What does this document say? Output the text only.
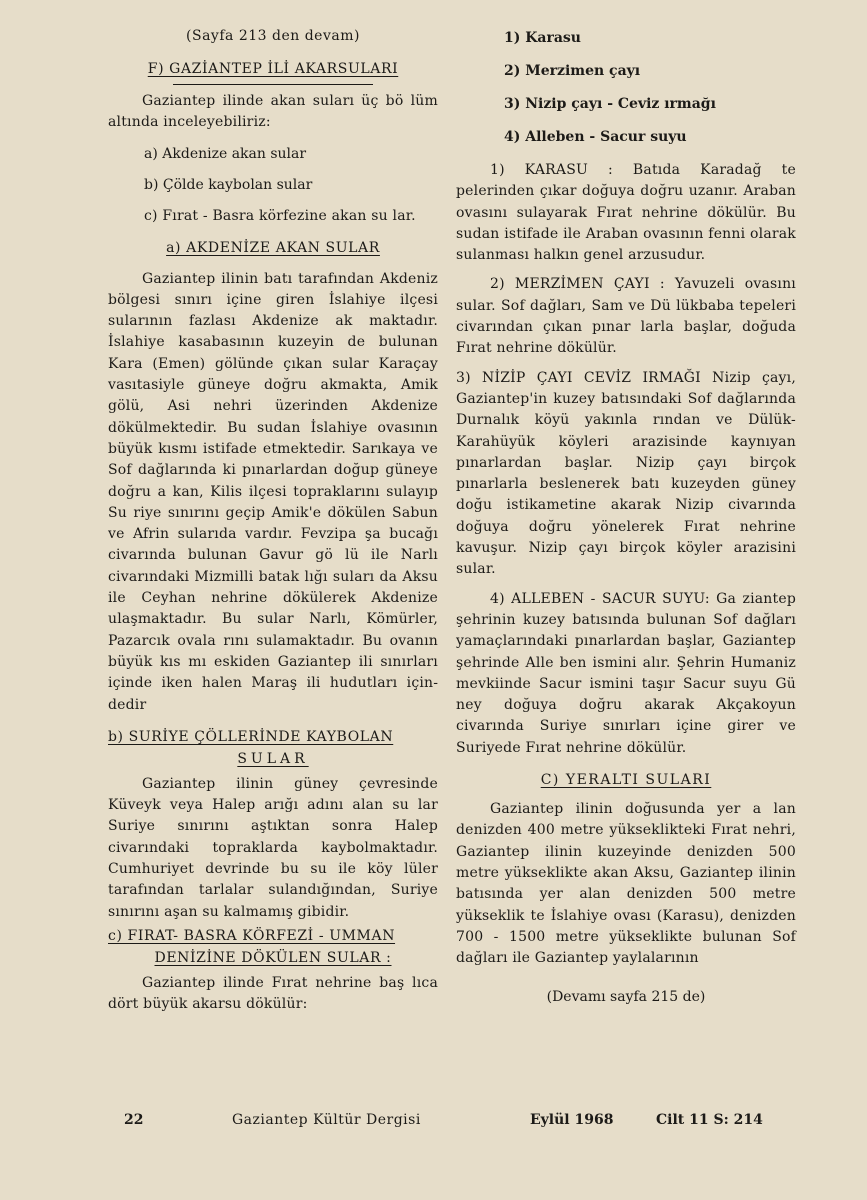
(Sayfa 213 den devam)
F) GAZİANTEP İLİ AKARSULARI

Gaziantep ilinde akan suları üç bö lüm altında inceleyebiliriz:

a) Akdenize akan sular
b) Çölde kaybolan sular

c) Fırat - Basra körfezine akan su lar.

a) AKDENİZE AKAN SULAR

Gaziantep ilinin batı tarafından Akdeniz bölgesi sınırı içine giren İslahiye ilçesi sularının fazlası Akdenize ak maktadır. İslahiye kasabasının kuzeyin de bulunan Kara (Emen) gölünde çıkan sular Karaçay vasıtasiyle güneye doğru akmakta, Amik gölü, Asi nehri üzerinden Akdenize dökülmektedir. Bu sudan İslahiye ovasının büyük kısmı istifade etmektedir. Sarıkaya ve Sof dağlarında ki pınarlardan doğup güneye doğru a kan, Kilis ilçesi topraklarını sulayıp Su riye sınırını geçip Amik'e dökülen Sabun ve Afrin sularıda vardır. Fevzipa şa bucağı civarında bulunan Gavur gö lü ile Narlı civarındaki Mizmilli batak lığı suları da Aksu ile Ceyhan nehrine dökülerek Akdenize ulaşmaktadır. Bu sular Narlı, Kömürler, Pazarcık ovala rını sulamaktadır. Bu ovanın büyük kıs mı eskiden Gaziantep ili sınırları içinde iken halen Maraş ili hudutları içindedir

b) SURİYE ÇÖLLERİNDE KAYBOLAN
SULAR

Gaziantep ilinin güney çevresinde Küveyk veya Halep arığı adını alan su lar Suriye sınırını aştıktan sonra Halep civarındaki topraklarda kaybolmaktadır. Cumhuriyet devrinde bu su ile köy lüler tarafından tarlalar sulandığından, Suriye sınırını aşan su kalmamış gibidir.

c) FIRAT- BASRA KÖRFEZİ - UMMAN
DENİZİNE DÖKÜLEN SULAR :

Gaziantep ilinde Fırat nehrine baş lıca dört büyük akarsu dökülür:

1) Karasu
2) Merzimen çayı
3) Nizip çayı - Ceviz ırmağı
4) Alleben - Sacur suyu

1) KARASU : Batıda Karadağ te pelerinden çıkar doğuya doğru uzanır. Araban ovasını sulayarak Fırat nehrine dökülür. Bu sudan istifade ile Araban ovasının fenni olarak sulanması halkın genel arzusudur.

2) MERZİMEN ÇAYI : Yavuzeli ovasını sular. Sof dağları, Sam ve Dü lükbaba tepeleri civarından çıkan pınar larla başlar, doğuda Fırat nehrine dökülür.

3) NİZİP ÇAYI CEVİZ IRMAĞI Nizip çayı, Gaziantep'in kuzey batısındaki Sof dağlarında Durnalık köyü yakınla rından ve Dülük-Karahüyük köyleri arazisinde kaynıyan pınarlardan başlar. Nizip çayı birçok pınarlarla beslenerek batı kuzeyden güney doğu istikametine akarak Nizip civarında doğuya doğru yönelerek Fırat nehrine kavuşur. Nizip çayı birçok köyler arazisini sular.

4) ALLEBEN - SACUR SUYU: Ga ziantep şehrinin kuzey batısında bulunan Sof dağları yamaçlarındaki pınarlardan başlar, Gaziantep şehrinde Alle ben ismini alır. Şehrin Humaniz mevkiinde Sacur ismini taşır Sacur suyu Gü ney doğuya doğru akarak Akçakoyun civarında Suriye sınırları içine girer ve Suriyede Fırat nehrine dökülür.

C) YERALTI SULARI

Gaziantep ilinin doğusunda yer a lan denizden 400 metre yükseklikteki Fırat nehri, Gaziantep ilinin kuzeyinde denizden 500 metre yükseklikte akan Aksu, Gaziantep ilinin batısında yer alan denizden 500 metre yükseklik te İslahiye ovası (Karasu), denizden 700 - 1500 metre yükseklikte bulunan Sof dağları ile Gaziantep yaylalarının

(Devamı sayfa 215 de)
22	Gaziantep Kültür Dergisi	Eylül 1968	Cilt 11 S: 214
